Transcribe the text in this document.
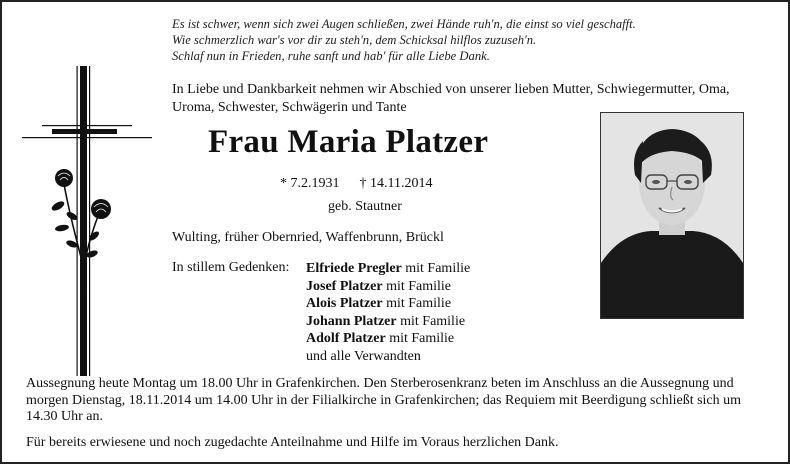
Es ist schwer, wenn sich zwei Augen schließen, zwei Hände ruh'n, die einst so viel geschafft.
Wie schmerzlich war's vor dir zu steh'n, dem Schicksal hilflos zuzuseh'n.
Schlaf nun in Frieden, ruhe sanft und hab' für alle Liebe Dank.
In Liebe und Dankbarkeit nehmen wir Abschied von unserer lieben Mutter, Schwiegermutter, Oma, Uroma, Schwester, Schwägerin und Tante
Frau Maria Platzer
* 7.2.1931 † 14.11.2014
geb. Stautner
Wulting, früher Obernried, Waffenbrunn, Brückl
In stillem Gedenken: Elfriede Pregler mit Familie
Josef Platzer mit Familie
Alois Platzer mit Familie
Johann Platzer mit Familie
Adolf Platzer mit Familie
und alle Verwandten
Aussegnung heute Montag um 18.00 Uhr in Grafenkirchen. Den Sterberosenkranz beten im Anschluss an die Aussegnung und morgen Dienstag, 18.11.2014 um 14.00 Uhr in der Filialkirche in Grafenkirchen; das Requiem mit Beerdigung schließt sich um 14.30 Uhr an.
Für bereits erwiesene und noch zugedachte Anteilnahme und Hilfe im Voraus herzlichen Dank.
